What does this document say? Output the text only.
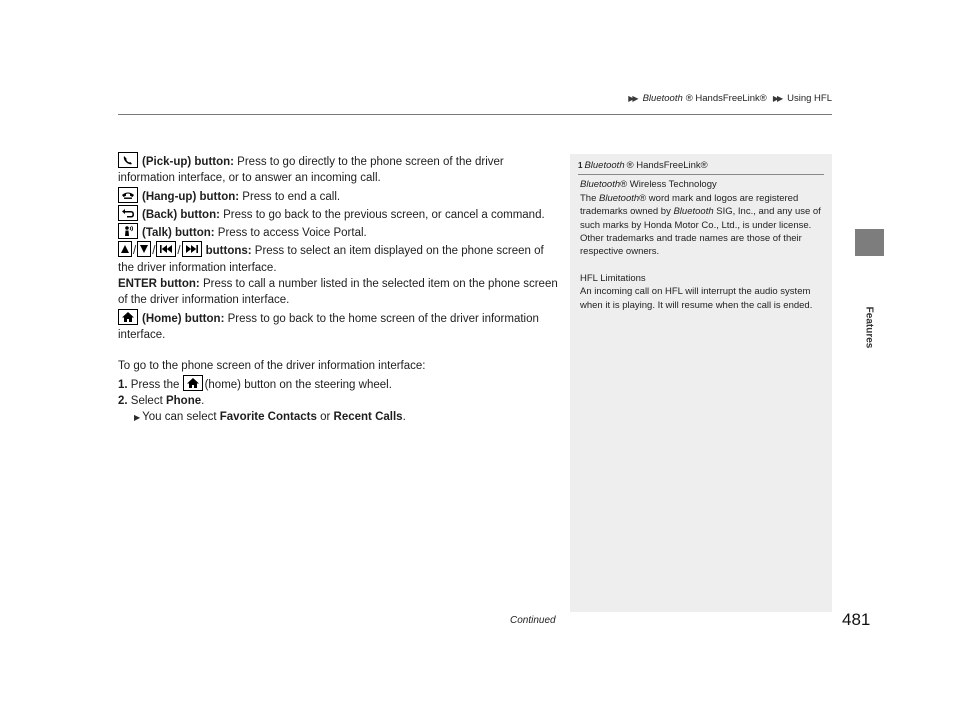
▶▶ Bluetooth ® HandsFreeLink® ▶▶ Using HFL
Features

(Pick-up) button: Press to go directly to the phone screen of the driver information interface, or to answer an incoming call.

(Hang-up) button: Press to end a call.

(Back) button: Press to go back to the previous screen, or cancel a command.

(Talk) button: Press to access Voice Portal.

/ / / buttons: Press to select an item displayed on the phone screen of the driver information interface.

ENTER button: Press to call a number listed in the selected item on the phone screen of the driver information interface.

(Home) button: Press to go back to the home screen of the driver information interface.

To go to the phone screen of the driver information interface:

1. Press the (home) button on the steering wheel.

2. Select Phone.

▶ You can select Favorite Contacts or Recent Calls.

1 Bluetooth ® HandsFreeLink®

Bluetooth® Wireless Technology

The Bluetooth® word mark and logos are registered trademarks owned by Bluetooth SIG, Inc., and any use of such marks by Honda Motor Co., Ltd., is under license. Other trademarks and trade names are those of their respective owners.

HFL Limitations

An incoming call on HFL will interrupt the audio system when it is playing. It will resume when the call is ended.

Continued	481
